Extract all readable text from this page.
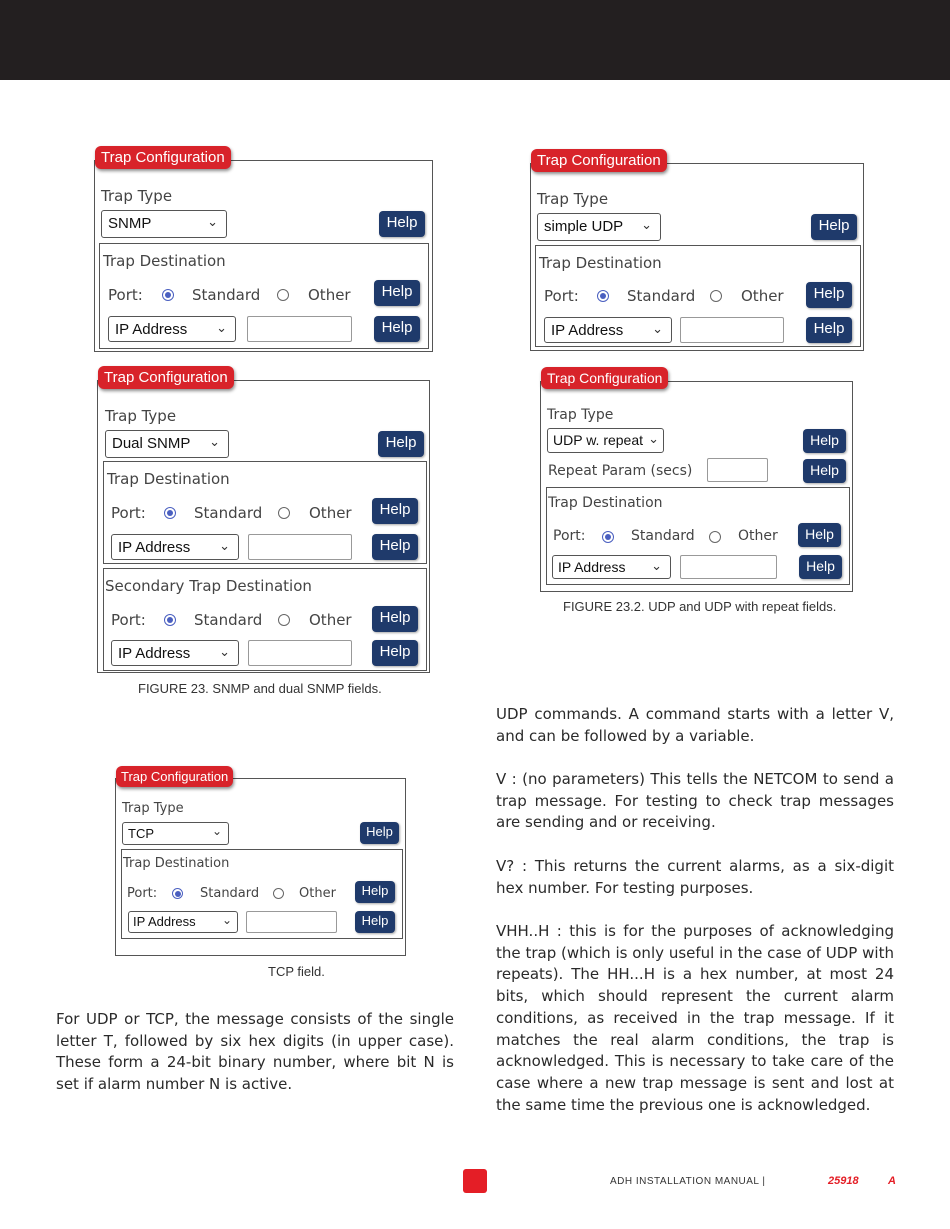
Trap Configuration
Trap Type
SNMP	⌄	Help
Trap Destination
Port:	Standard	Other	Help
IP Address ⌄	Help
Trap Configuration
Trap Type
simple UDP ⌄	Help
Trap Destination
Port:	Standard	Other	Help
IP Address ⌄	Help
Trap Configuration
Trap Type
Dual SNMP ⌄	Help
Trap Destination
Port:	Standard	Other	Help
IP Address ⌄	Help
Secondary Trap Destination
Port:	Standard	Other	Help
IP Address ⌄	Help
FIGURE 23. SNMP and dual SNMP fields.
Trap Configuration
Trap Type
UDP w. repeat ⌄	Help
Repeat Param (secs)	Help
Trap Destination
Port:	Standard	Other	Help
IP Address ⌄	Help
FIGURE 23.2. UDP and UDP with repeat fields.
Trap Configuration
Trap Type
TCP	⌄	Help
Trap Destination
Port:	Standard	Other	Help
IP Address ⌄	Help
TCP field.
For UDP or TCP, the message consists of the single letter T, followed by six hex digits (in upper case). These form a 24-bit binary number, where bit N is set if alarm number N is active.
UDP commands. A command starts with a letter V, and can be followed by a variable.
V : (no parameters) This tells the NETCOM to send a trap message. For testing to check trap messages are sending and or receiving.
V? : This returns the current alarms, as a six-digit hex number. For testing purposes.
VHH..H : this is for the purposes of acknowledging the trap (which is only useful in the case of UDP with repeats). The HH...H is a hex number, at most 24 bits, which should represent the current alarm conditions, as received in the trap message. If it matches the real alarm conditions, the trap is acknowledged. This is necessary to take care of the case where a new trap message is sent and lost at the same time the previous one is acknowledged.
ADH INSTALLATION MANUAL |	25918	A
